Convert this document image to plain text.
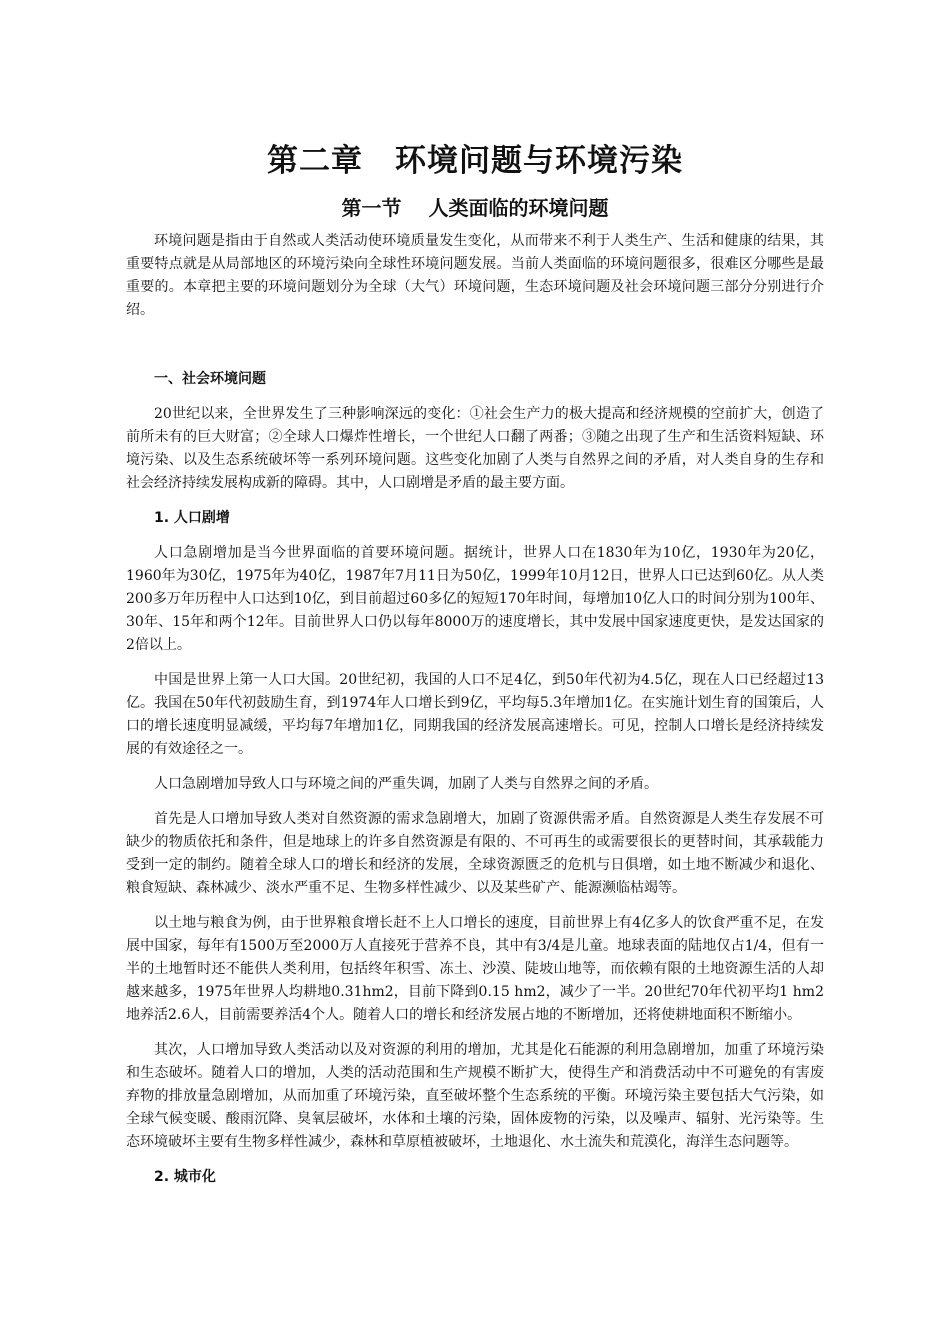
第二章　环境问题与环境污染
第一节　 人类面临的环境问题

环境问题是指由于自然或人类活动使环境质量发生变化，从而带来不利于人类生产、生活和健康的结果，其重要特点就是从局部地区的环境污染向全球性环境问题发展。当前人类面临的环境问题很多，很难区分哪些是最重要的。本章把主要的环境问题划分为全球（大气）环境问题，生态环境问题及社会环境问题三部分分别进行介绍。

一、社会环境问题

20世纪以来，全世界发生了三种影响深远的变化：①社会生产力的极大提高和经济规模的空前扩大，创造了前所未有的巨大财富；②全球人口爆炸性增长，一个世纪人口翻了两番；③随之出现了生产和生活资料短缺、环境污染、以及生态系统破坏等一系列环境问题。这些变化加剧了人类与自然界之间的矛盾，对人类自身的生存和社会经济持续发展构成新的障碍。其中，人口剧增是矛盾的最主要方面。

1. 人口剧增

人口急剧增加是当今世界面临的首要环境问题。据统计，世界人口在1830年为10亿，1930年为20亿，1960年为30亿，1975年为40亿，1987年7月11日为50亿，1999年10月12日，世界人口已达到60亿。从人类200多万年历程中人口达到10亿，到目前超过60多亿的短短170年时间，每增加10亿人口的时间分别为100年、30年、15年和两个12年。目前世界人口仍以每年8000万的速度增长，其中发展中国家速度更快，是发达国家的2倍以上。

中国是世界上第一人口大国。20世纪初，我国的人口不足4亿，到50年代初为4.5亿，现在人口已经超过13亿。我国在50年代初鼓励生育，到1974年人口增长到9亿，平均每5.3年增加1亿。在实施计划生育的国策后，人口的增长速度明显减缓，平均每7年增加1亿，同期我国的经济发展高速增长。可见，控制人口增长是经济持续发展的有效途径之一。

人口急剧增加导致人口与环境之间的严重失调，加剧了人类与自然界之间的矛盾。

首先是人口增加导致人类对自然资源的需求急剧增大，加剧了资源供需矛盾。自然资源是人类生存发展不可缺少的物质依托和条件，但是地球上的许多自然资源是有限的、不可再生的或需要很长的更替时间，其承载能力受到一定的制约。随着全球人口的增长和经济的发展，全球资源匮乏的危机与日俱增，如土地不断减少和退化、粮食短缺、森林减少、淡水严重不足、生物多样性减少、以及某些矿产、能源濒临枯竭等。

以土地与粮食为例，由于世界粮食增长赶不上人口增长的速度，目前世界上有4亿多人的饮食严重不足，在发展中国家，每年有1500万至2000万人直接死于营养不良，其中有3/4是儿童。地球表面的陆地仅占1/4，但有一半的土地暂时还不能供人类利用，包括终年积雪、冻土、沙漠、陡坡山地等，而依赖有限的土地资源生活的人却越来越多，1975年世界人均耕地0.31hm2，目前下降到0.15 hm2，减少了一半。20世纪70年代初平均1 hm2地养活2.6人，目前需要养活4个人。随着人口的增长和经济发展占地的不断增加，还将使耕地面积不断缩小。

其次，人口增加导致人类活动以及对资源的利用的增加，尤其是化石能源的利用急剧增加，加重了环境污染和生态破坏。随着人口的增加，人类的活动范围和生产规模不断扩大，使得生产和消费活动中不可避免的有害废弃物的排放量急剧增加，从而加重了环境污染，直至破坏整个生态系统的平衡。环境污染主要包括大气污染，如全球气候变暖、酸雨沉降、臭氧层破坏，水体和土壤的污染，固体废物的污染，以及噪声、辐射、光污染等。生态环境破坏主要有生物多样性减少，森林和草原植被破坏，土地退化、水土流失和荒漠化，海洋生态问题等。

2. 城市化
